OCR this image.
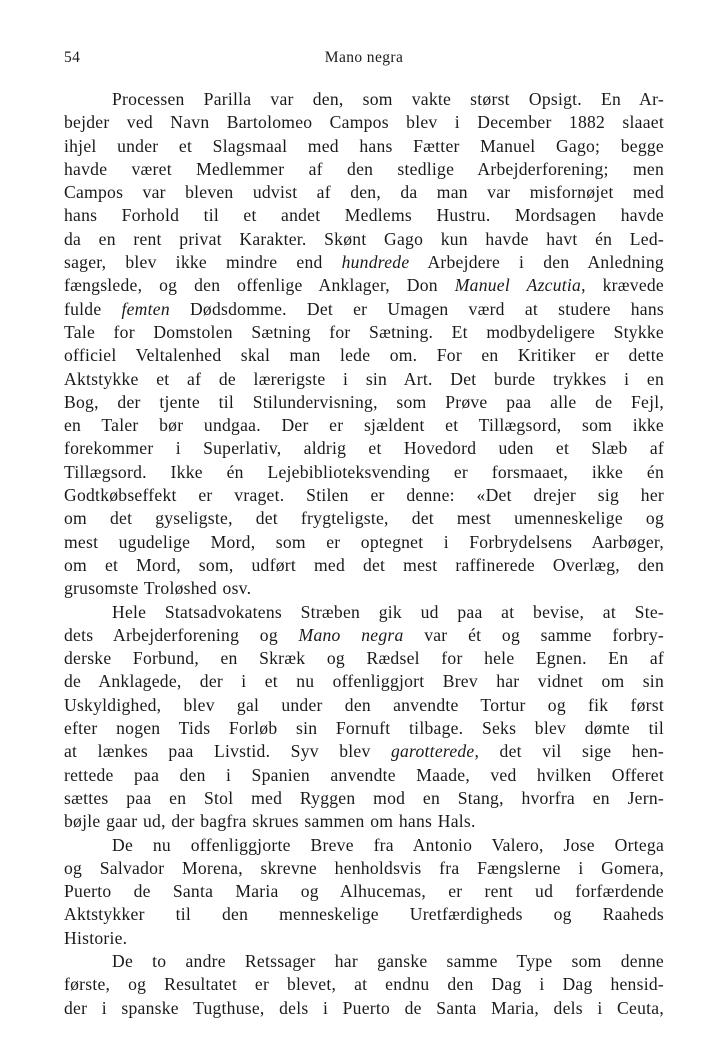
54	Mano negra
Processen Parilla var den, som vakte størst Opsigt. En Ar-
bejder ved Navn Bartolomeo Campos blev i December 1882 slaaet
ihjel under et Slagsmaal med hans Fætter Manuel Gago; begge
havde været Medlemmer af den stedlige Arbejderforening; men
Campos var bleven udvist af den, da man var misfornøjet med
hans Forhold til et andet Medlems Hustru. Mordsagen havde
da en rent privat Karakter. Skønt Gago kun havde havt én Led-
sager, blev ikke mindre end hundrede Arbejdere i den Anledning
fængslede, og den offenlige Anklager, Don Manuel Azcutia, krævede
fulde femten Dødsdomme. Det er Umagen værd at studere hans
Tale for Domstolen Sætning for Sætning. Et modbydeligere Stykke
officiel Veltalenhed skal man lede om. For en Kritiker er dette
Aktstykke et af de lærerigste i sin Art. Det burde trykkes i en
Bog, der tjente til Stilundervisning, som Prøve paa alle de Fejl,
en Taler bør undgaa. Der er sjældent et Tillægsord, som ikke
forekommer i Superlativ, aldrig et Hovedord uden et Slæb af
Tillægsord. Ikke én Lejebiblioteksvending er forsmaaet, ikke én
Godtkøbseffekt er vraget. Stilen er denne: «Det drejer sig her
om det gyseligste, det frygteligste, det mest umenneskelige og
mest ugudelige Mord, som er optegnet i Forbrydelsens Aarbøger,
om et Mord, som, udført med det mest raffinerede Overlæg, den
grusomste Troløshed osv.
Hele Statsadvokatens Stræben gik ud paa at bevise, at Ste-
dets Arbejderforening og Mano negra var ét og samme forbry-
derske Forbund, en Skræk og Rædsel for hele Egnen. En af
de Anklagede, der i et nu offenliggjort Brev har vidnet om sin
Uskyldighed, blev gal under den anvendte Tortur og fik først
efter nogen Tids Forløb sin Fornuft tilbage. Seks blev dømte til
at lænkes paa Livstid. Syv blev garotterede, det vil sige hen-
rettede paa den i Spanien anvendte Maade, ved hvilken Offeret
sættes paa en Stol med Ryggen mod en Stang, hvorfra en Jern-
bøjle gaar ud, der bagfra skrues sammen om hans Hals.
De nu offenliggjorte Breve fra Antonio Valero, Jose Ortega
og Salvador Morena, skrevne henholdsvis fra Fængslerne i Gomera,
Puerto de Santa Maria og Alhucemas, er rent ud forfærdende
Aktstykker til den menneskelige Uretfærdigheds og Raaheds
Historie.
De to andre Retssager har ganske samme Type som denne
første, og Resultatet er blevet, at endnu den Dag i Dag hensid-
der i spanske Tugthuse, dels i Puerto de Santa Maria, dels i Ceuta,
